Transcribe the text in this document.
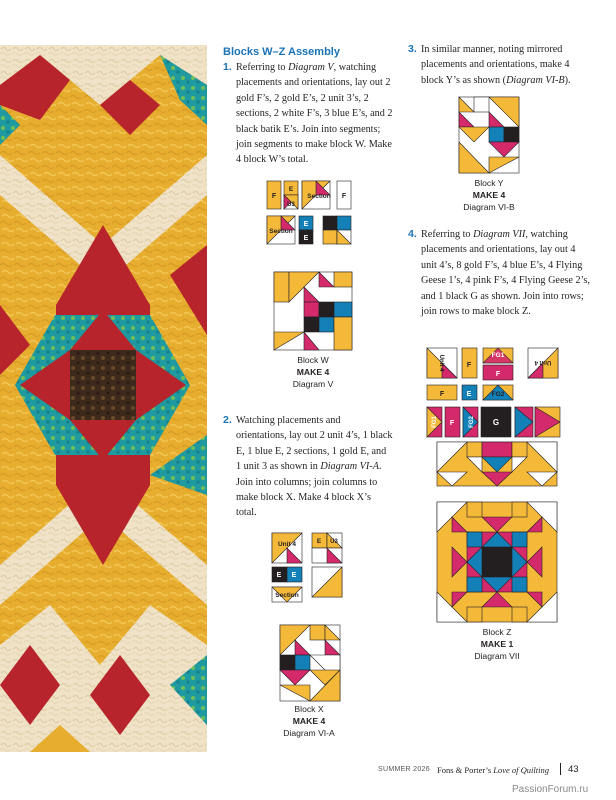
Blocks W–Z Assembly
1. Referring to Diagram V, watching placements and orientations, lay out 2 gold F’s, 2 gold E’s, 2 unit 3’s, 2 sections, 2 white F’s, 3 blue E’s, and 2 black batik E’s. Join into segments; join segments to make block W. Make 4 block W’s total.
F
E
U3
Section F
Section
E
E
Block W
MAKE 4
Diagram V
2. Watching placements and orientations, lay out 2 unit 4’s, 1 black E, 1 blue E, 2 sections, 1 gold E, and 1 unit 3 as shown in Diagram VI-A. Join into columns; join columns to make block X. Make 4 block X’s total.
Unit 4	E U3
E E
Section
Block X
MAKE 4
Diagram VI-A
3. In similar manner, noting mirrored placements and orientations, make 4 block Y’s as shown (Diagram VI-B).
Block Y
MAKE 4
Diagram VI-B
4. Referring to Diagram VII, watching placements and orientations, lay out 4 unit 4’s, 8 gold F’s, 4 blue E’s, 4 Flying Geese 1’s, 4 pink F’s, 4 Flying Geese 2’s, and 1 black G as shown. Join into rows; join rows to make block Z.
Unit 4	F
FG1
F
Unit 4
F	E	FG2
FG1 F FG2 G
Block Z
MAKE 1
Diagram VII
SUMMER 2026 Fons & Porter’s Love of Quilting 43
PassionForum.ru
